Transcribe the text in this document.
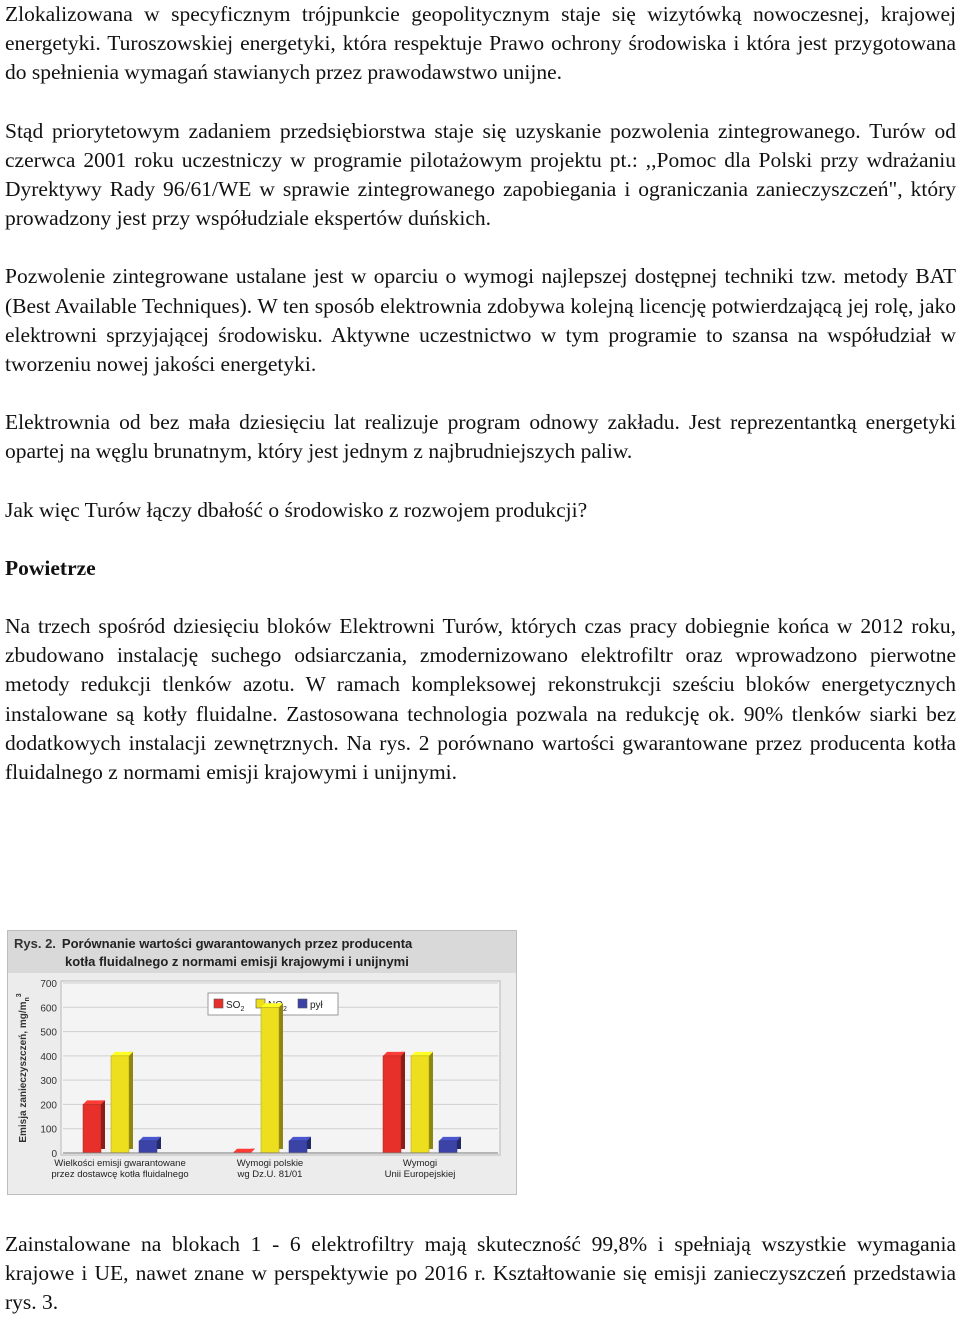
Zlokalizowana w specyficznym trójpunkcie geopolitycznym staje się wizytówką nowoczesnej, krajowej energetyki. Turoszowskiej energetyki, która respektuje Prawo ochrony środowiska i która jest przygotowana do spełnienia wymagań stawianych przez prawodawstwo unijne.

Stąd priorytetowym zadaniem przedsiębiorstwa staje się uzyskanie pozwolenia zintegrowanego. Turów od czerwca 2001 roku uczestniczy w programie pilotażowym projektu pt.: ,,Pomoc dla Polski przy wdrażaniu Dyrektywy Rady 96/61/WE w sprawie zintegrowanego zapobiegania i ograniczania zanieczyszczeń", który prowadzony jest przy współudziale ekspertów duńskich.

Pozwolenie zintegrowane ustalane jest w oparciu o wymogi najlepszej dostępnej techniki tzw. metody BAT (Best Available Techniques). W ten sposób elektrownia zdobywa kolejną licencję potwierdzającą jej rolę, jako elektrowni sprzyjającej środowisku. Aktywne uczestnictwo w tym programie to szansa na współudział w tworzeniu nowej jakości energetyki.

Elektrownia od bez mała dziesięciu lat realizuje program odnowy zakładu. Jest reprezentantką energetyki opartej na węglu brunatnym, który jest jednym z najbrudniejszych paliw.

Jak więc Turów łączy dbałość o środowisko z rozwojem produkcji?

Powietrze

Na trzech spośród dziesięciu bloków Elektrowni Turów, których czas pracy dobiegnie końca w 2012 roku, zbudowano instalację suchego odsiarczania, zmodernizowano elektrofiltr oraz wprowadzono pierwotne metody redukcji tlenków azotu. W ramach kompleksowej rekonstrukcji sześciu bloków energetycznych instalowane są kotły fluidalne. Zastosowana technologia pozwala na redukcję ok. 90% tlenków siarki bez dodatkowych instalacji zewnętrznych. Na rys. 2 porównano wartości gwarantowane przez producenta kotła fluidalnego z normami emisji krajowymi i unijnymi.

Rys. 2. Porównanie wartości gwarantowanych przez producenta
kotła fluidalnego z normami emisji krajowymi i unijnymi
0
100
200
300
400
500
600
700
Emisja zanieczyszczeń, $mg/m_n^3$
$SO_2$	$_2$ pył
Wielkości emisji gwarantowane
przez dostawcę kotła fluidalnego
Wymogi polskie
wg Dz.U. 81/01
Wymogi
Unii Europejskiej

Zainstalowane na blokach 1 - 6 elektrofiltry mają skuteczność 99,8% i spełniają wszystkie wymagania krajowe i UE, nawet znane w perspektywie po 2016 r. Kształtowanie się emisji zanieczyszczeń przedstawia rys. 3.
